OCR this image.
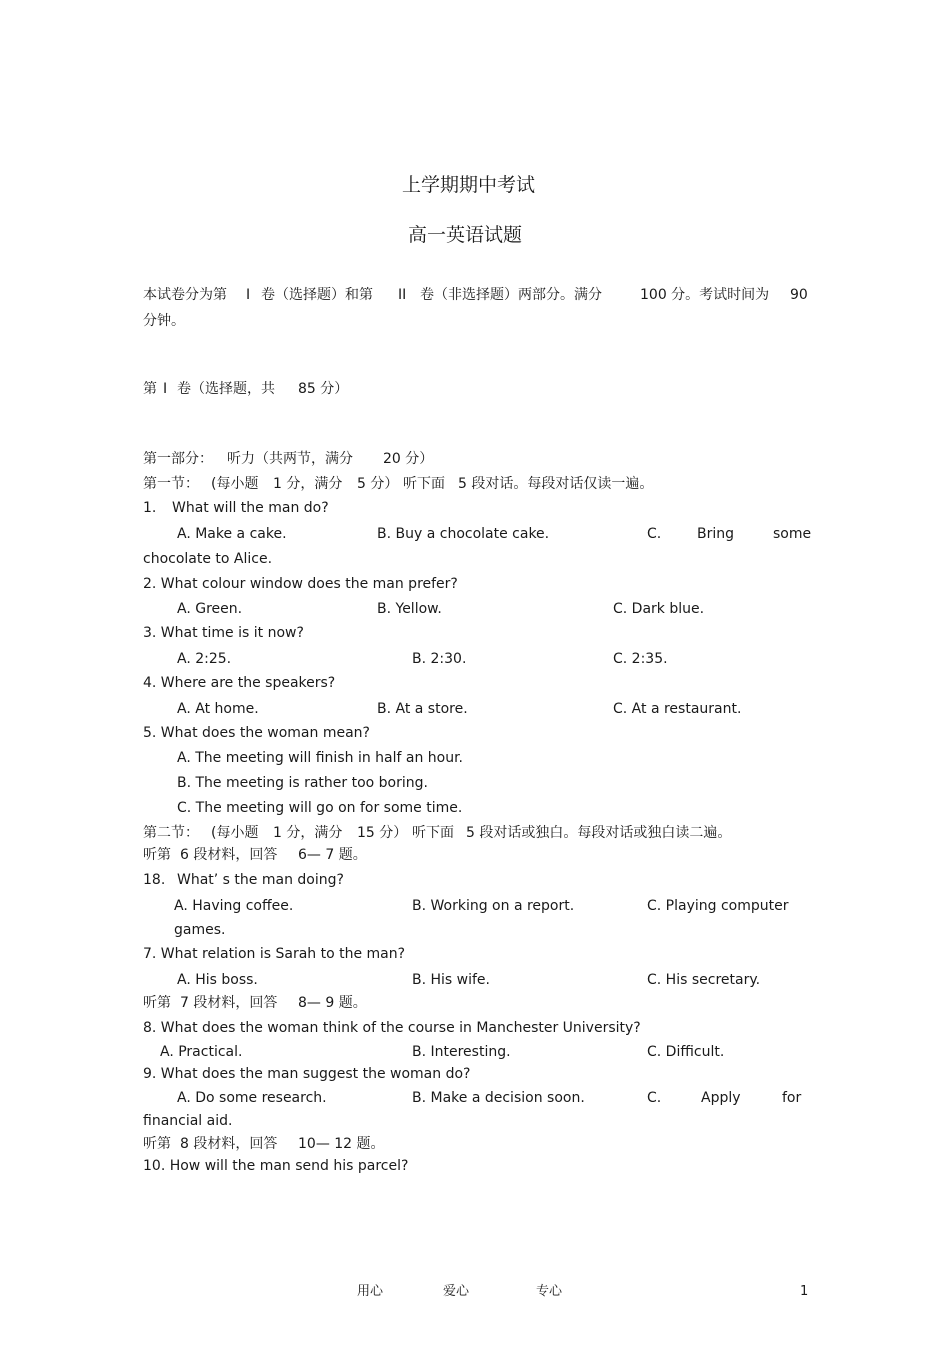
上学期期中考试
高一英语试题
本试卷分为第 I 卷（选择题）和第 II 卷（非选择题）两部分。满分	100 分。考试时间为 90
分钟。
第 I 卷（选择题，共 85 分）
第一部分： 听力（共两节，满分 20 分）
第一节： (每小题 1 分，满分 5 分） 听下面 5 段对话。每段对话仅读一遍。
1. What will the man do?
A. Make a cake.	B. Buy a chocolate cake.	C.	Bring	some
chocolate to Alice.
2. What colour window does the man prefer?
A. Green.	B. Yellow.	C. Dark blue.
3. What time is it now?
A. 2:25.	B. 2:30.	C. 2:35.
4. Where are the speakers?
A. At home.	B. At a store.	C. At a restaurant.
5. What does the woman mean?
A. The meeting will finish in half an hour.
B. The meeting is rather too boring.
C. The meeting will go on for some time.
第二节： (每小题 1 分，满分 15 分） 听下面 5 段对话或独白。每段对话或独白读二遍。
听第 6 段材料，回答 6— 7 题。
18. What’ s the man doing?
A. Having coffee.	B. Working on a report.	C. Playing computer
games.
7. What relation is Sarah to the man?
A. His boss.	B. His wife.	C. His secretary.
听第 7 段材料，回答 8— 9 题。
8. What does the woman think of the course in Manchester University?
A. Practical.	B. Interesting.	C. Difficult.
9. What does the man suggest the woman do?
A. Do some research.	B. Make a decision soon.	C.	Apply	for
financial aid.
听第 8 段材料，回答 10— 12 题。
10. How will the man send his parcel?
用心	爱心	专心	1
